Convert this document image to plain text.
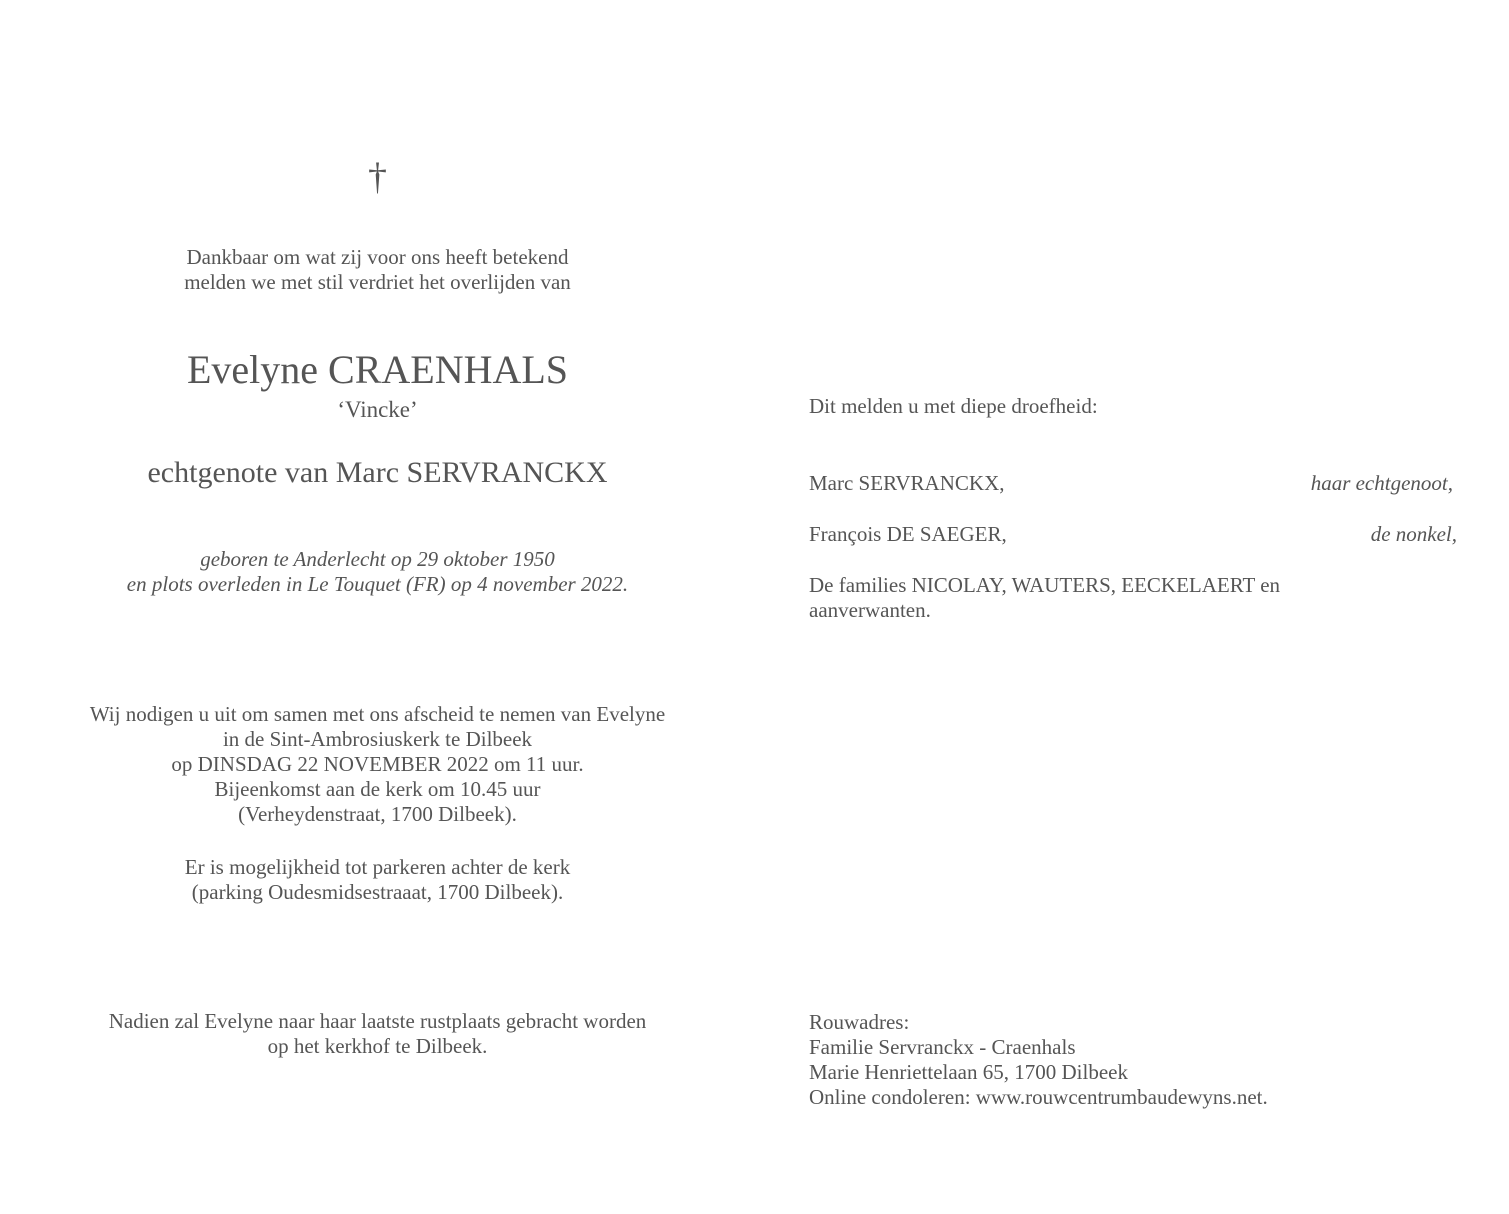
†
Dankbaar om wat zij voor ons heeft betekend
melden we met stil verdriet het overlijden van
Evelyne CRAENHALS
‘Vincke’
echtgenote van Marc SERVRANCKX
geboren te Anderlecht op 29 oktober 1950
en plots overleden in Le Touquet (FR) op 4 november 2022.
Wij nodigen u uit om samen met ons afscheid te nemen van Evelyne
in de Sint-Ambrosiuskerk te Dilbeek
op DINSDAG 22 NOVEMBER 2022 om 11 uur.
Bijeenkomst aan de kerk om 10.45 uur
(Verheydenstraat, 1700 Dilbeek).
Er is mogelijkheid tot parkeren achter de kerk
(parking Oudesmidsestraaat, 1700 Dilbeek).
Nadien zal Evelyne naar haar laatste rustplaats gebracht worden
op het kerkhof te Dilbeek.
Dit melden u met diepe droefheid:
Marc SERVRANCKX,	haar echtgenoot,
François DE SAEGER,	de nonkel,
De families NICOLAY, WAUTERS, EECKELAERT en aanverwanten.
Rouwadres:
Familie Servranckx - Craenhals
Marie Henriettelaan 65, 1700 Dilbeek
Online condoleren: www.rouwcentrumbaudewyns.net.
